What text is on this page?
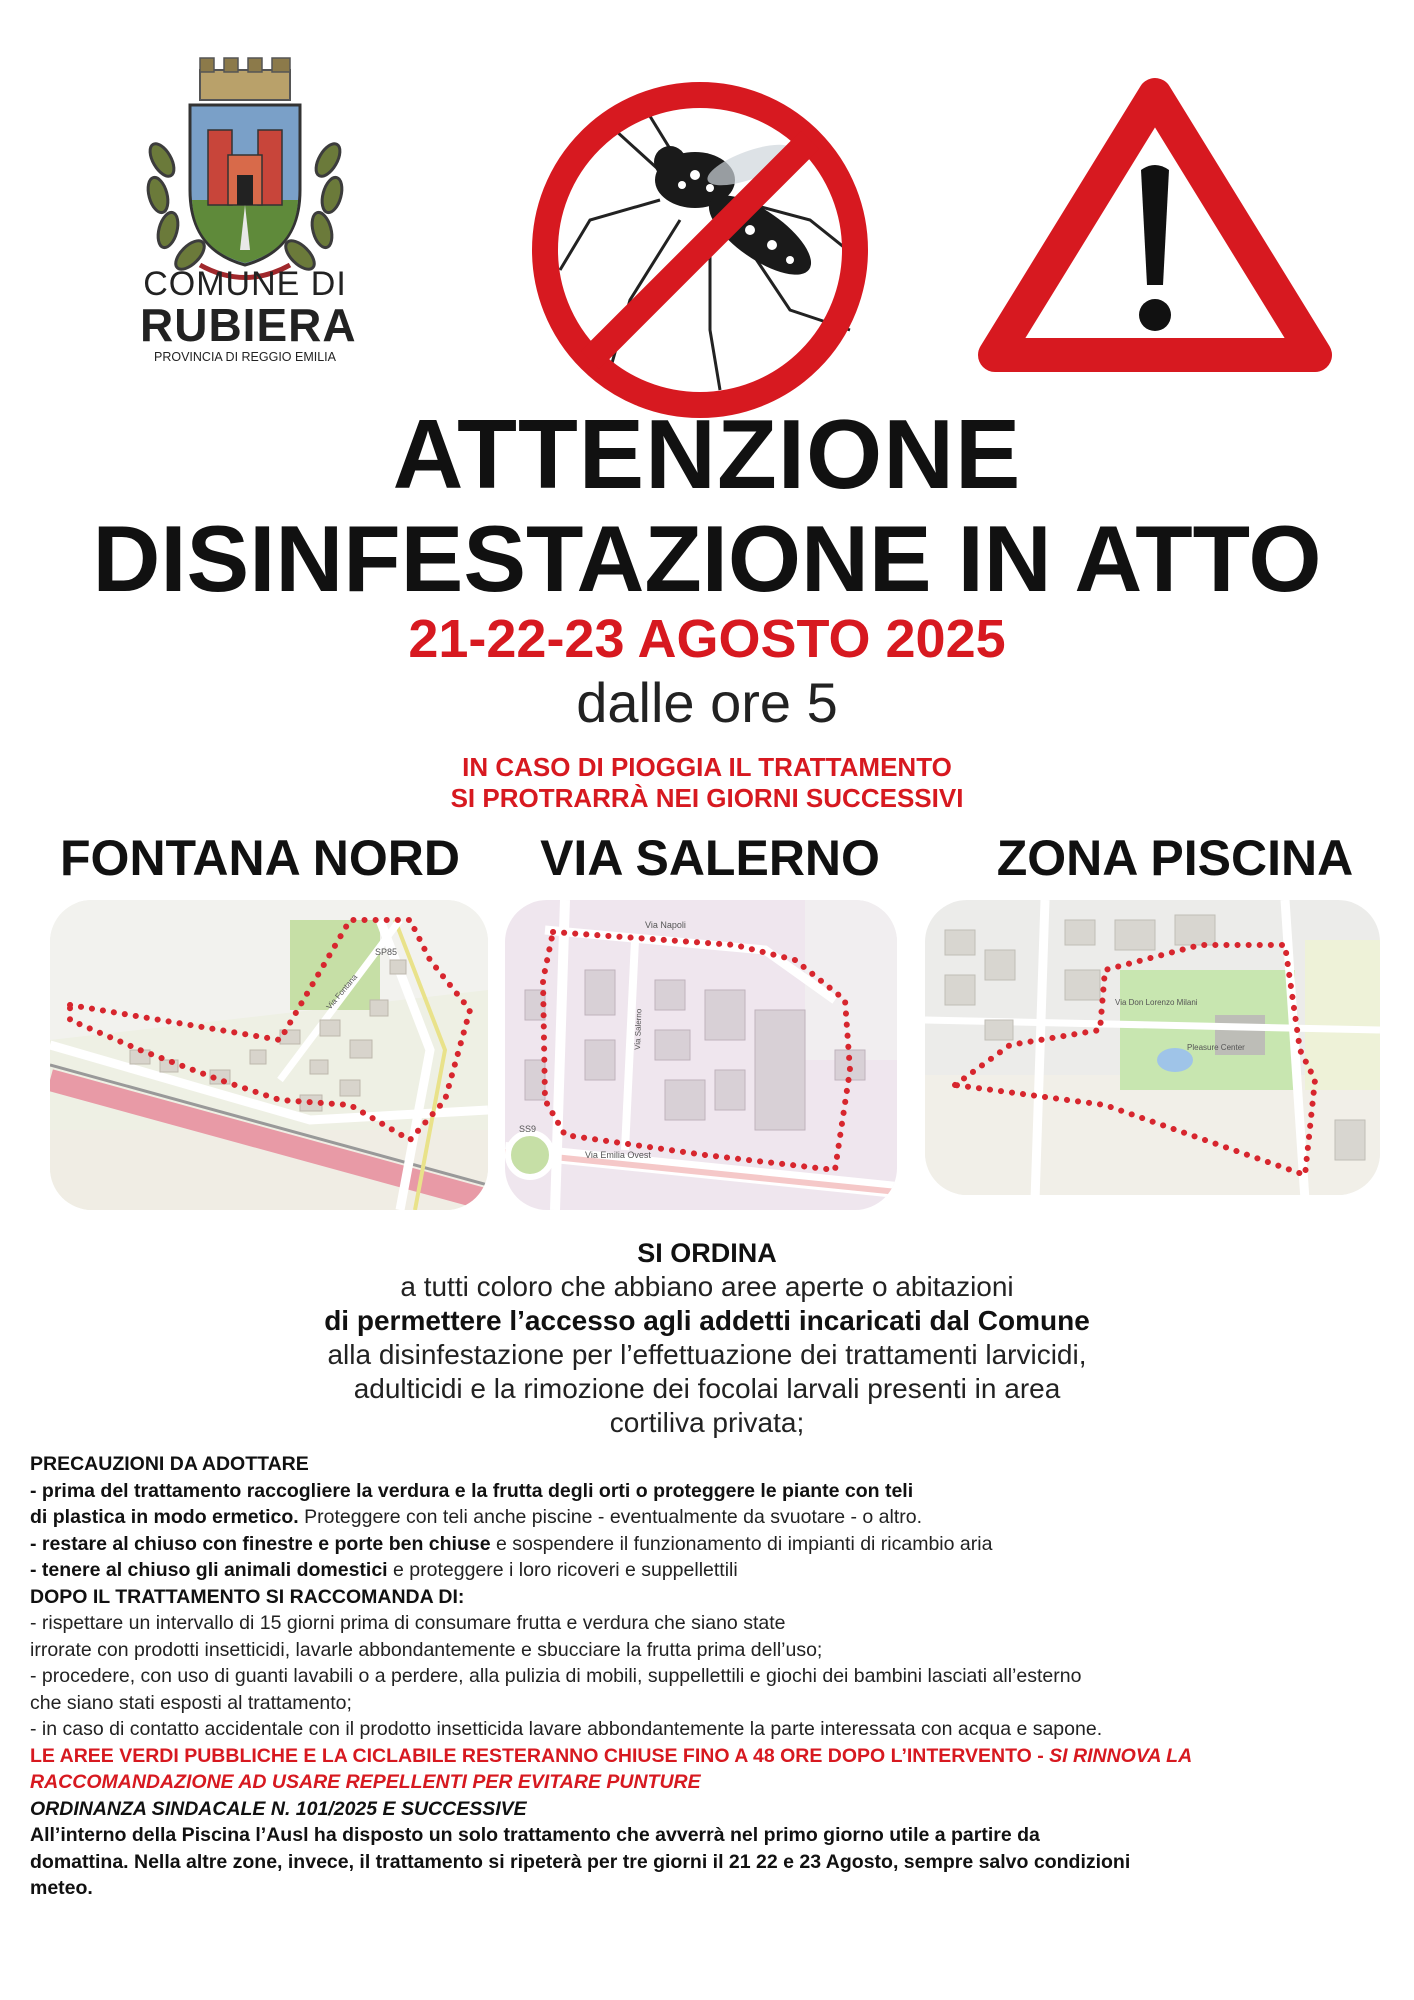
COMUNE DI
RUBIERA
PROVINCIA DI REGGIO EMILIA
ATTENZIONE
DISINFESTAZIONE IN ATTO
21-22-23 AGOSTO 2025
dalle ore 5
IN CASO DI PIOGGIA IL TRATTAMENTO
SI PROTRARRÀ NEI GIORNI SUCCESSIVI
FONTANA NORD	VIA SALERNO	ZONA PISCINA
SP85
Via Fontana
Via Napoli
Via Salerno
Via Emilia Ovest
SS9
Via Don Lorenzo Milani
Pleasure Center
SI ORDINA
a tutti coloro che abbiano aree aperte o abitazioni
di permettere l’accesso agli addetti incaricati dal Comune
alla disinfestazione per l’effettuazione dei trattamenti larvicidi,
adulticidi e la rimozione dei focolai larvali presenti in area
cortiliva privata;
PRECAUZIONI DA ADOTTARE
- prima del trattamento raccogliere la verdura e la frutta degli orti o proteggere le piante con teli
di plastica in modo ermetico. Proteggere con teli anche piscine - eventualmente da svuotare - o altro.
- restare al chiuso con finestre e porte ben chiuse e sospendere il funzionamento di impianti di ricambio aria
- tenere al chiuso gli animali domestici e proteggere i loro ricoveri e suppellettili
DOPO IL TRATTAMENTO SI RACCOMANDA DI:
- rispettare un intervallo di 15 giorni prima di consumare frutta e verdura che siano state
irrorate con prodotti insetticidi, lavarle abbondantemente e sbucciare la frutta prima dell’uso;
- procedere, con uso di guanti lavabili o a perdere, alla pulizia di mobili, suppellettili e giochi dei bambini lasciati all’esterno
che siano stati esposti al trattamento;
- in caso di contatto accidentale con il prodotto insetticida lavare abbondantemente la parte interessata con acqua e sapone.
LE AREE VERDI PUBBLICHE E LA CICLABILE RESTERANNO CHIUSE FINO A 48 ORE DOPO L’INTERVENTO - SI RINNOVA LA
RACCOMANDAZIONE AD USARE REPELLENTI PER EVITARE PUNTURE
ORDINANZA SINDACALE N. 101/2025 E SUCCESSIVE
All’interno della Piscina l’Ausl ha disposto un solo trattamento che avverrà nel primo giorno utile a partire da
domattina. Nella altre zone, invece, il trattamento si ripeterà per tre giorni il 21 22 e 23 Agosto, sempre salvo condizioni
meteo.
